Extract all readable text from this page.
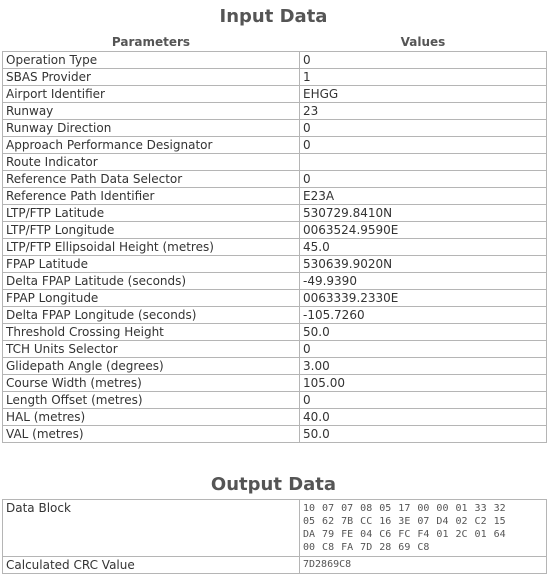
Input Data
Parameters	Values
Operation Type	0
SBAS Provider	1
Airport Identifier	EHGG
Runway	23
Runway Direction	0
Approach Performance Designator	0
Route Indicator	
Reference Path Data Selector	0
Reference Path Identifier	E23A
LTP/FTP Latitude	530729.8410N
LTP/FTP Longitude	0063524.9590E
LTP/FTP Ellipsoidal Height (metres)	45.0
FPAP Latitude	530639.9020N
Delta FPAP Latitude (seconds)	-49.9390
FPAP Longitude	0063339.2330E
Delta FPAP Longitude (seconds)	-105.7260
Threshold Crossing Height	50.0
TCH Units Selector	0
Glidepath Angle (degrees)	3.00
Course Width (metres)	105.00
Length Offset (metres)	0
HAL (metres)	40.0
VAL (metres)	50.0
Output Data
Data Block	10 07 07 08 05 17 00 00 01 33 32
05 62 7B CC 16 3E 07 D4 02 C2 15
DA 79 FE 04 C6 FC F4 01 2C 01 64
00 C8 FA 7D 28 69 C8

Calculated CRC Value	7D2869C8
